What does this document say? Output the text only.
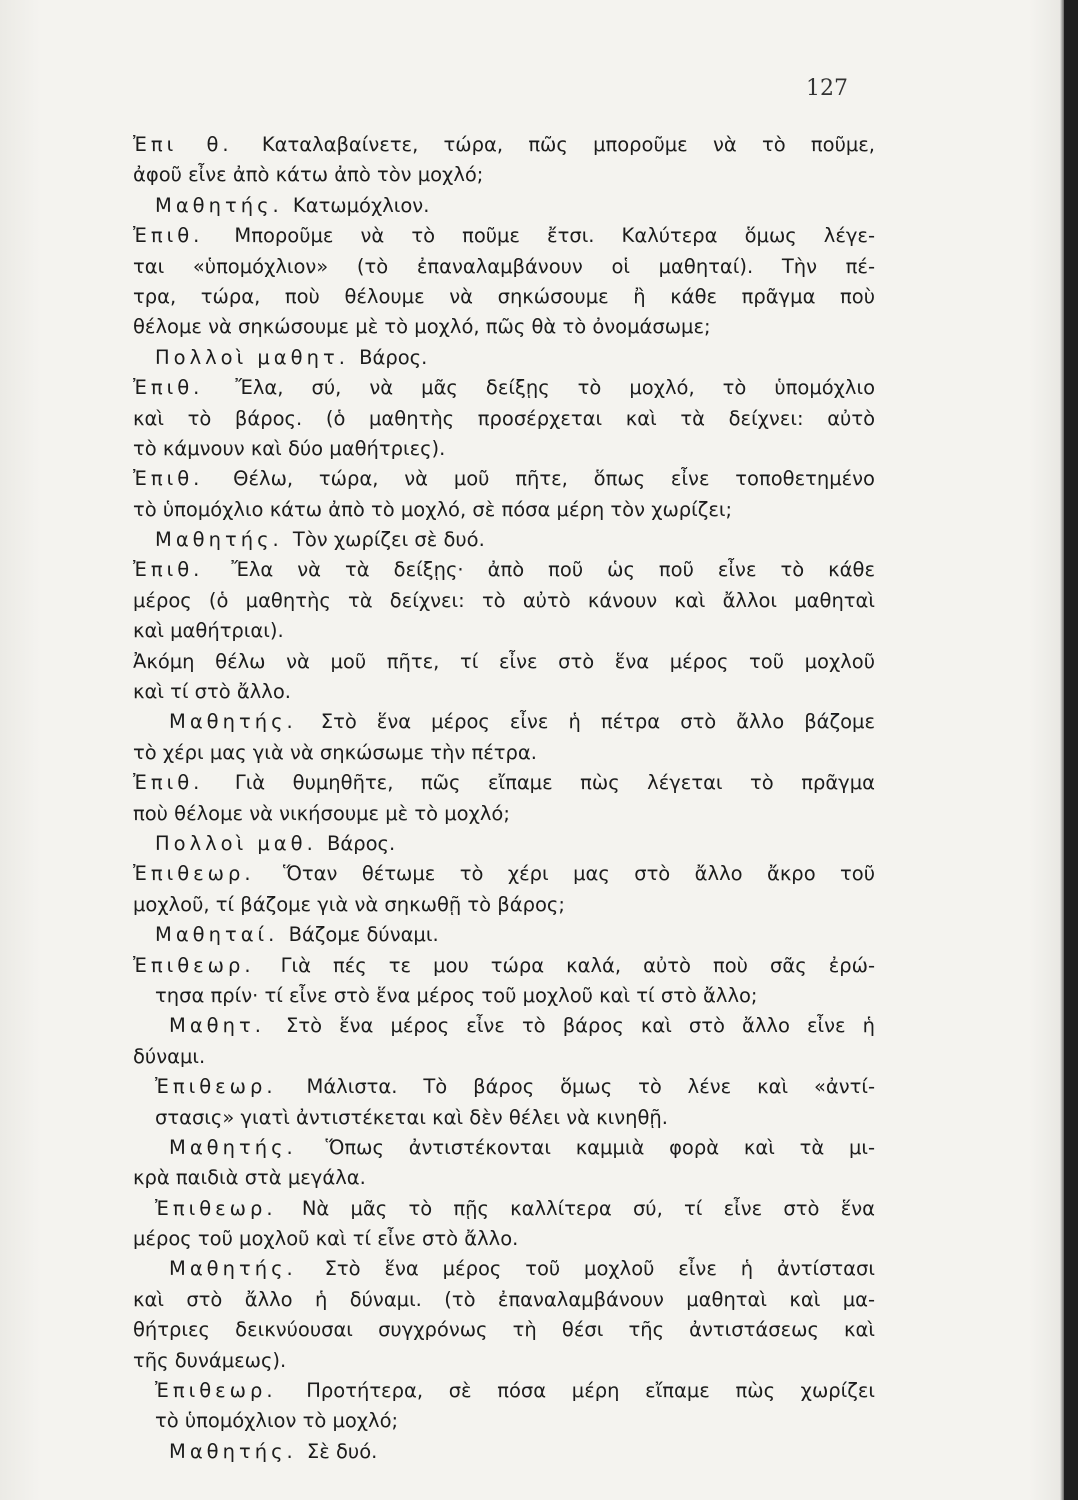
127
Ἐπι θ. Καταλαβαίνετε, τώρα, πῶς μποροῦμε νὰ τὸ ποῦμε,
ἀφοῦ εἶνε ἀπὸ κάτω ἀπὸ τὸν μοχλό;
Μαθητής. Κατωμόχλιον.
Ἐπιθ. Μποροῦμε νὰ τὸ ποῦμε ἔτσι. Καλύτερα ὅμως λέγε-
ται «ὑπομόχλιον» (τὸ ἐπαναλαμβάνουν οἱ μαθηταί). Τὴν πέ-
τρα, τώρα, ποὺ θέλουμε νὰ σηκώσουμε ἢ κάθε πρᾶγμα ποὺ
θέλομε νὰ σηκώσουμε μὲ τὸ μοχλό, πῶς θὰ τὸ ὀνομάσωμε;
Πολλοὶ μαθητ. Βάρος.
Ἐπιθ. Ἔλα, σύ, νὰ μᾶς δείξῃς τὸ μοχλό, τὸ ὑπομόχλιο
καὶ τὸ βάρος. (ὁ μαθητὴς προσέρχεται καὶ τὰ δείχνει: αὐτὸ
τὸ κάμνουν καὶ δύο μαθήτριες).
Ἐπιθ. Θέλω, τώρα, νὰ μοῦ πῆτε, ὅπως εἶνε τοποθετημένο
τὸ ὑπομόχλιο κάτω ἀπὸ τὸ μοχλό, σὲ πόσα μέρη τὸν χωρίζει;
Μαθητής. Τὸν χωρίζει σὲ δυό.
Ἐπιθ. Ἔλα νὰ τὰ δείξῃς· ἀπὸ ποῦ ὡς ποῦ εἶνε τὸ κάθε
μέρος (ὁ μαθητὴς τὰ δείχνει: τὸ αὐτὸ κάνουν καὶ ἄλλοι μαθηταὶ
καὶ μαθήτριαι).
Ἀκόμη θέλω νὰ μοῦ πῆτε, τί εἶνε στὸ ἕνα μέρος τοῦ μοχλοῦ
καὶ τί στὸ ἄλλο.
Μαθητής. Στὸ ἕνα μέρος εἶνε ἡ πέτρα στὸ ἄλλο βάζομε
τὸ χέρι μας γιὰ νὰ σηκώσωμε τὴν πέτρα.
Ἐπιθ. Γιὰ θυμηθῆτε, πῶς εἴπαμε πὼς λέγεται τὸ πρᾶγμα
ποὺ θέλομε νὰ νικήσουμε μὲ τὸ μοχλό;
Πολλοὶ μαθ. Βάρος.
Ἐπιθεωρ. Ὅταν θέτωμε τὸ χέρι μας στὸ ἄλλο ἄκρο τοῦ
μοχλοῦ, τί βάζομε γιὰ νὰ σηκωθῇ τὸ βάρος;
Μαθηταί. Βάζομε δύναμι.
Ἐπιθεωρ. Γιὰ πές τε μου τώρα καλά, αὐτὸ ποὺ σᾶς ἐρώ-
τησα πρίν· τί εἶνε στὸ ἕνα μέρος τοῦ μοχλοῦ καὶ τί στὸ ἄλλο;
Μαθητ. Στὸ ἕνα μέρος εἶνε τὸ βάρος καὶ στὸ ἄλλο εἶνε ἡ
δύναμι.
Ἐπιθεωρ. Μάλιστα. Τὸ βάρος ὅμως τὸ λένε καὶ «ἀντί-
στασις» γιατὶ ἀντιστέκεται καὶ δὲν θέλει νὰ κινηθῇ.
Μαθητής. Ὅπως ἀντιστέκονται καμμιὰ φορὰ καὶ τὰ μι-
κρὰ παιδιὰ στὰ μεγάλα.
Ἐπιθεωρ. Νὰ μᾶς τὸ πῇς καλλίτερα σύ, τί εἶνε στὸ ἕνα
μέρος τοῦ μοχλοῦ καὶ τί εἶνε στὸ ἄλλο.
Μαθητής. Στὸ ἕνα μέρος τοῦ μοχλοῦ εἶνε ἡ ἀντίστασι
καὶ στὸ ἄλλο ἡ δύναμι. (τὸ ἐπαναλαμβάνουν μαθηταὶ καὶ μα-
θήτριες δεικνύουσαι συγχρόνως τὴ θέσι τῆς ἀντιστάσεως καὶ
τῆς δυνάμεως).
Ἐπιθεωρ. Προτήτερα, σὲ πόσα μέρη εἴπαμε πὼς χωρίζει
τὸ ὑπομόχλιον τὸ μοχλό;
Μαθητής. Σὲ δυό.
